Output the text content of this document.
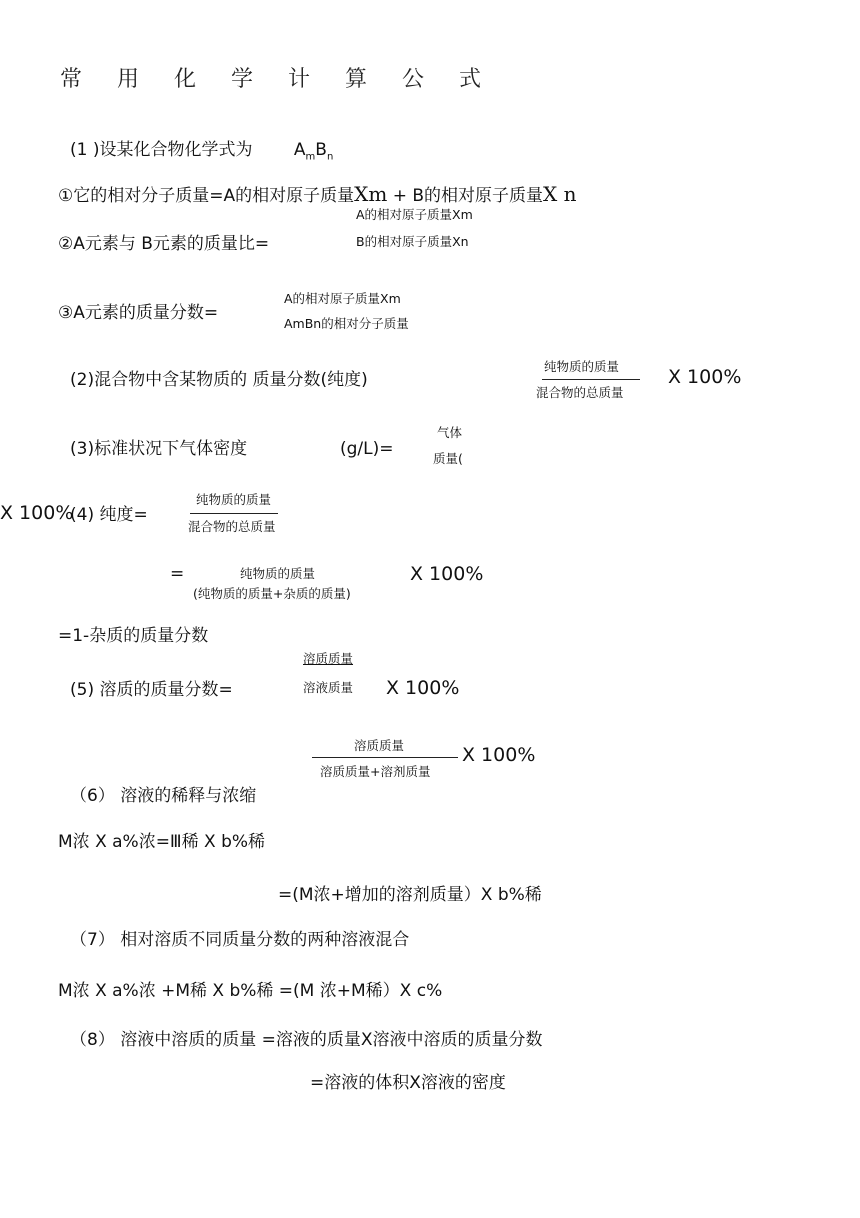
常 用 化 学 计 算 公 式
(1 )设某化合物化学式为 $A_mB_n$
①它的相对分子质量=A的相对原子质量Xm + B的相对原子质量X n
A的相对原子质量Xm
②A元素与 B元素的质量比=	B的相对原子质量Xn
A的相对原子质量Xm
③A元素的质量分数=
AmBn的相对分子质量
(2)混合物中含某物质的 质量分数(纯度)
纯物质的质量
混合物的总质量
X 100%
气体
(3)标准状况下气体密度	(g/L)=	质量(
纯物质的质量
X 100%
(4) 纯度=
混合物的总质量
=	纯物质的质量	X 100%
(纯物质的质量+杂质的质量)
=1-杂质的质量分数
溶质质量
(5) 溶质的质量分数=	溶液质量 X 100%
溶质质量	X 100%
溶质质量+溶剂质量
（6） 溶液的稀释与浓缩
M浓 X a%浓=Ⅲ稀 X b%稀
=(M浓+增加的溶剂质量）X b%稀
（7） 相对溶质不同质量分数的两种溶液混合
M浓 X a%浓 +M稀 X b%稀 =(M 浓+M稀）X c%
（8） 溶液中溶质的质量 =溶液的质量X溶液中溶质的质量分数
=溶液的体积X溶液的密度
